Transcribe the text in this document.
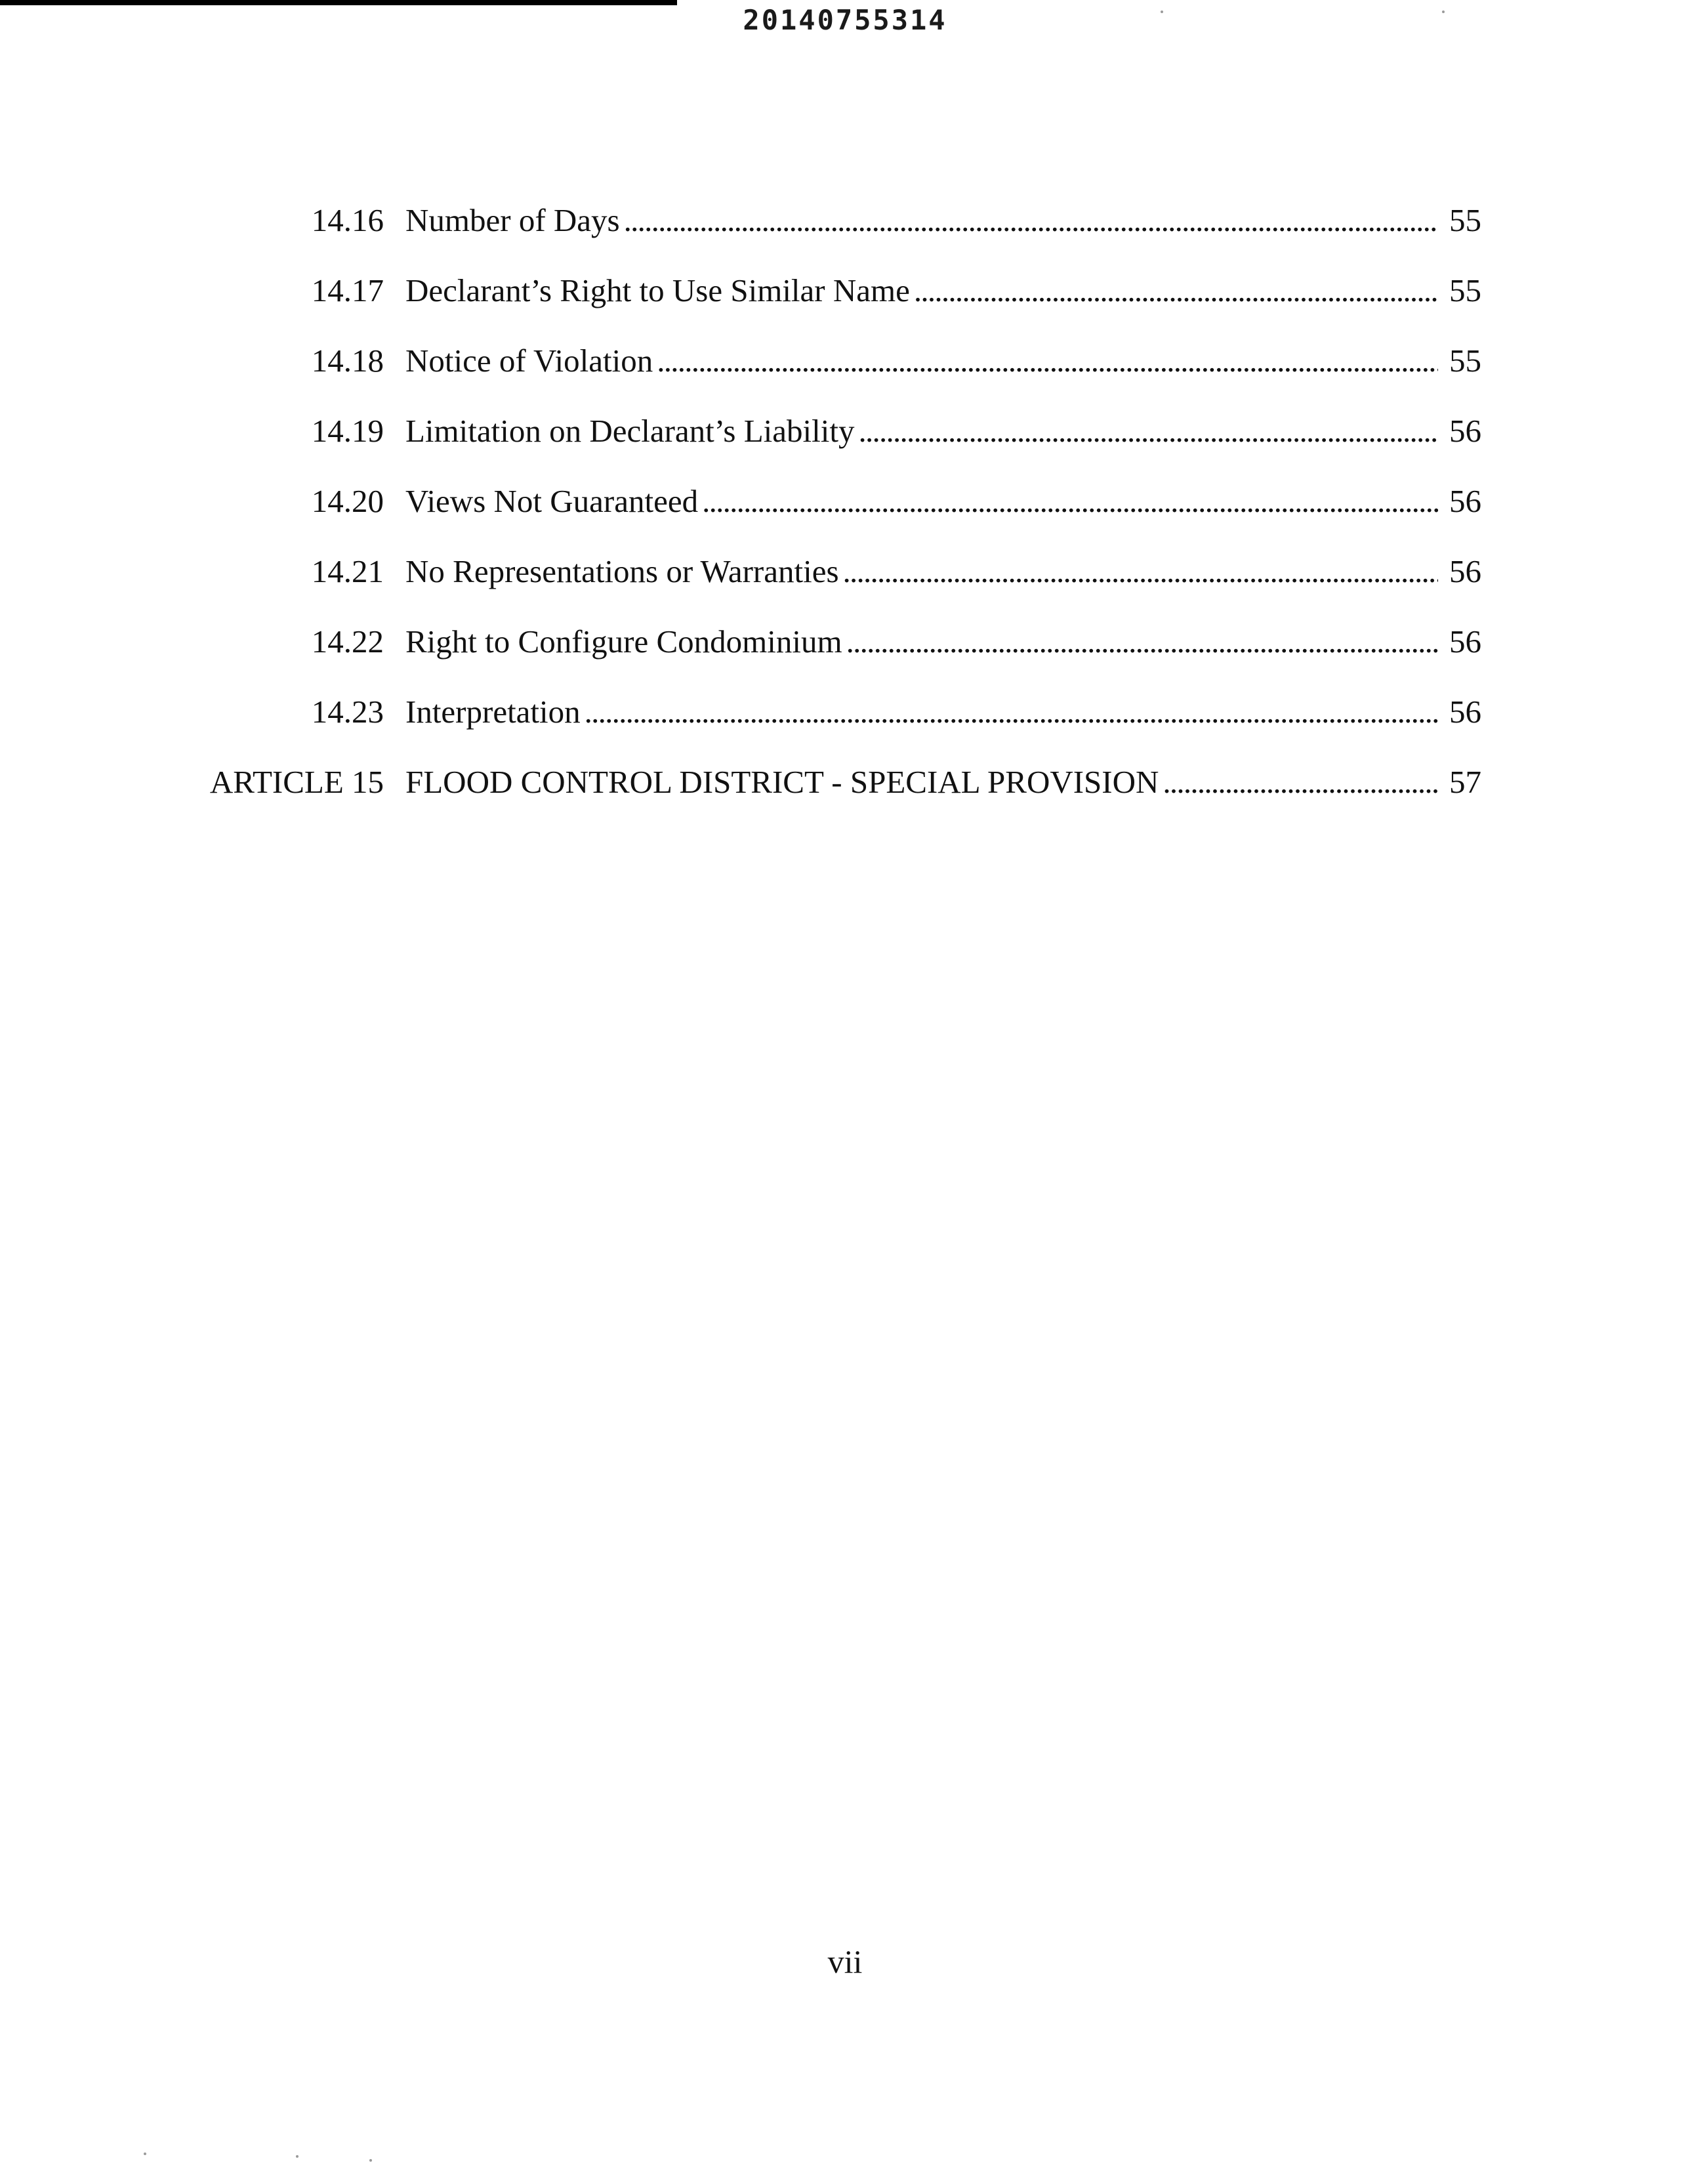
20140755314
14.16 Number of Days . . .	55
14.17 Declarant’s Right to Use Similar Name . . .	55
14.18 Notice of Violation . . .	55
14.19 Limitation on Declarant’s Liability . . .	56
14.20 Views Not Guaranteed . . .	56
14.21 No Representations or Warranties . . .	56
14.22 Right to Configure Condominium . . .	56
14.23 Interpretation . . .	56
ARTICLE 15 FLOOD CONTROL DISTRICT - SPECIAL PROVISION . . .	57
vii
